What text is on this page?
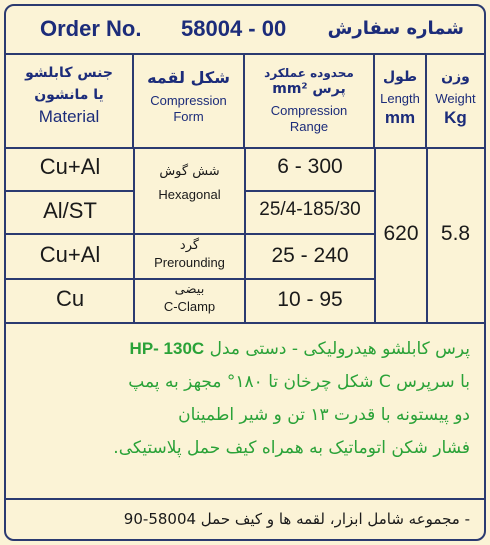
Order No. 58004 - 00 شماره سفارش
جنس کابلشو
یا مانشون
Material
شکل لقمه
Compression
Form
محدوده عملکرد
پرس mm²
Compression
Range
طول
Length
mm
وزن
Weight
Kg
Cu+Al
Al/ST
Cu+Al
Cu
شش گوش
Hexagonal
گرد
Prerounding
بیضی
C-Clamp
6 - 300
25/4-185/30
25 - 240
10 - 95
620	5.8
پرس کابلشو هیدرولیکی - دستی مدل HP- 130C
با سرپرس C شکل چرخان تا ۱۸۰° مجهز به پمپ
دو پیستونه با قدرت ۱۳ تن و شیر اطمینان
فشار شکن اتوماتیک به همراه کیف حمل پلاستیکی.
- مجموعه شامل ابزار، لقمه ها و کیف حمل 58004-90
